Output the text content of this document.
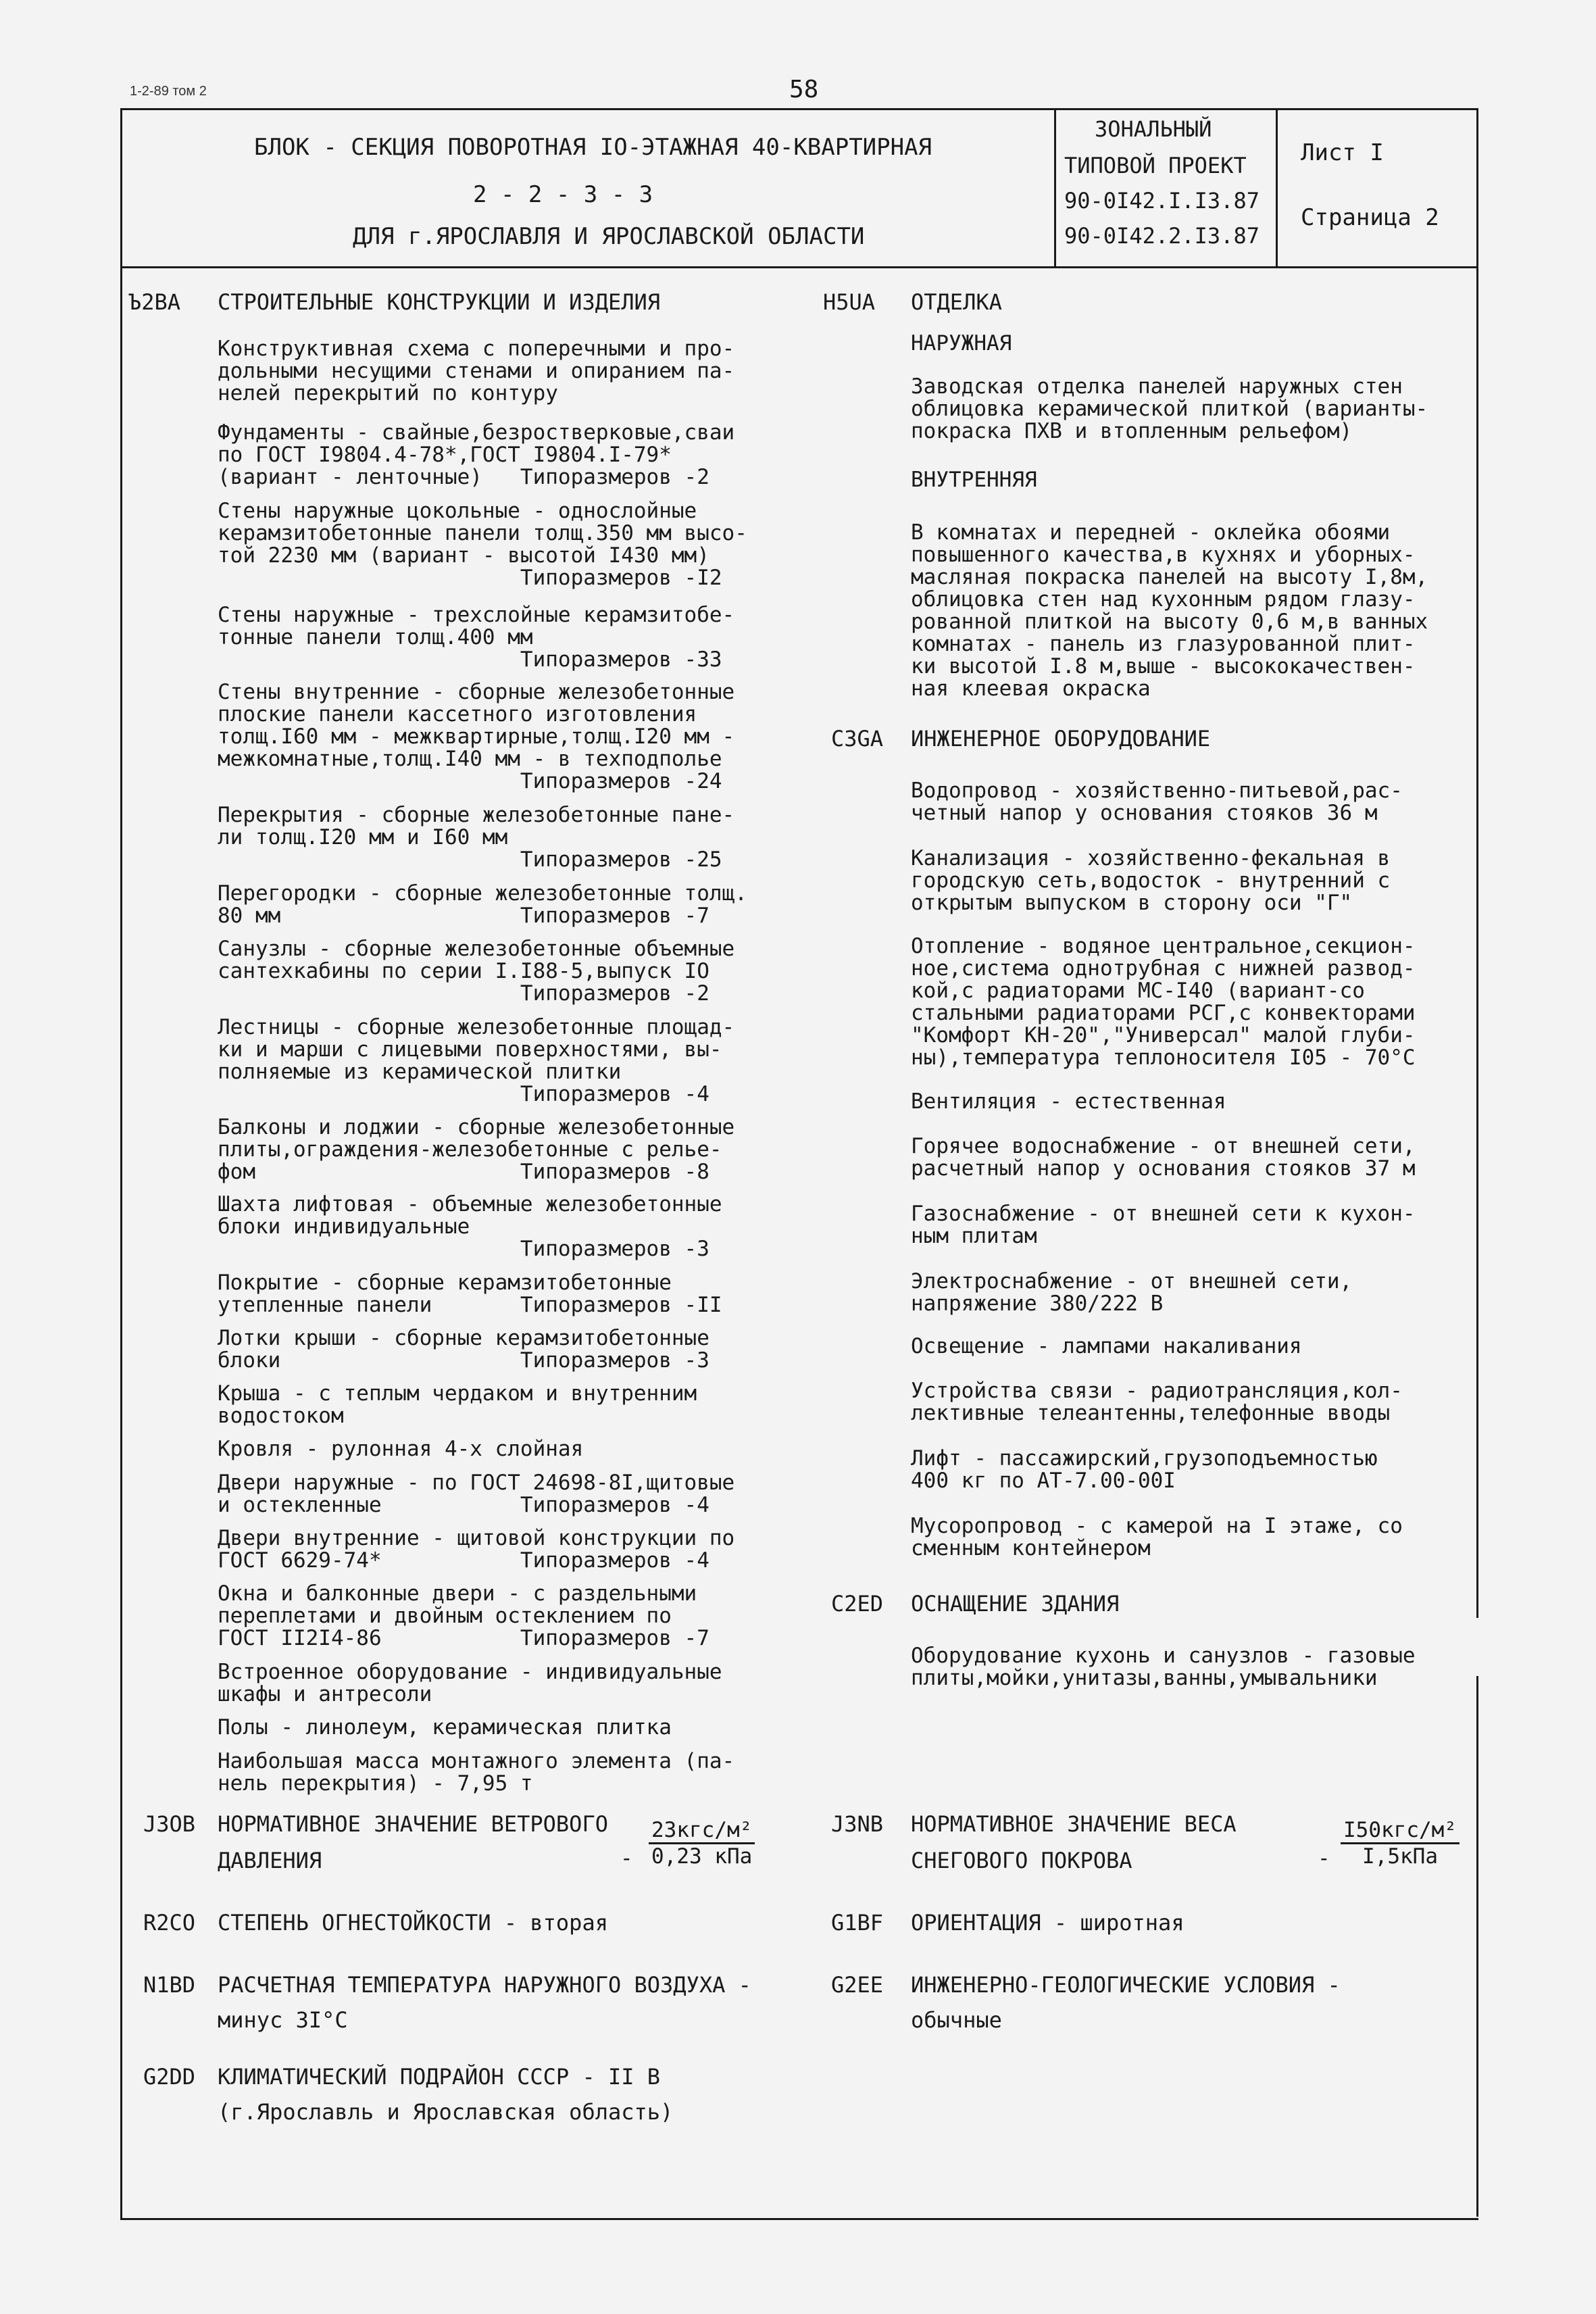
1-2-89 том 2	58
БЛОК - СЕКЦИЯ ПОВОРОТНАЯ IO-ЭТАЖНАЯ 40-КВАРТИРНАЯ
2 - 2 - 3 - 3
ДЛЯ г.ЯРОСЛАВЛЯ И ЯРОСЛАВСКОЙ ОБЛАСТИ
ЗОНАЛЬНЫЙ
ТИПОВОЙ ПРОЕКТ
90-0I42.I.I3.87
90-0I42.2.I3.87
Лист I
Страница 2
Ъ2ВА СТРОИТЕЛЬНЫЕ КОНСТРУКЦИИ И ИЗДЕЛИЯ
Конструктивная схема с поперечными и про-
дольными несущими стенами и опиранием па-
нелей перекрытий по контуру
Фундаменты - свайные,безростверковые,сваи
по ГОСТ I9804.4-78*,ГОСТ I9804.I-79*
(вариант - ленточные)   Типоразмеров -2
Стены наружные цокольные - однослойные
керамзитобетонные панели толщ.350 мм высо-
той 2230 мм (вариант - высотой I430 мм)
Типоразмеров -I2
Стены наружные - трехслойные керамзитобе-
тонные панели толщ.400 мм
Типоразмеров -33
Стены внутренние - сборные железобетонные
плоские панели кассетного изготовления
толщ.I60 мм - межквартирные,толщ.I20 мм -
межкомнатные,толщ.I40 мм - в техподполье
Типоразмеров -24
Перекрытия - сборные железобетонные пане-
ли толщ.I20 мм и I60 мм
Типоразмеров -25
Перегородки - сборные железобетонные толщ.
80 мм                   Типоразмеров -7
Санузлы - сборные железобетонные объемные
сантехкабины по серии I.I88-5,выпуск IO
Типоразмеров -2
Лестницы - сборные железобетонные площад-
ки и марши с лицевыми поверхностями, вы-
полняемые из керамической плитки
Типоразмеров -4
Балконы и лоджии - сборные железобетонные
плиты,ограждения-железобетонные с релье-
фом                     Типоразмеров -8
Шахта лифтовая - объемные железобетонные
блоки индивидуальные
Типоразмеров -3
Покрытие - сборные керамзитобетонные
утепленные панели       Типоразмеров -II
Лотки крыши - сборные керамзитобетонные
блоки                   Типоразмеров -3
Крыша - с теплым чердаком и внутренним
водостоком
Кровля - рулонная 4-х слойная
Двери наружные - по ГОСТ 24698-8I,щитовые
и остекленные           Типоразмеров -4
Двери внутренние - щитовой конструкции по
ГОСТ 6629-74*           Типоразмеров -4
Окна и балконные двери - с раздельными
переплетами и двойным остеклением по
ГОСТ II2I4-86           Типоразмеров -7
Встроенное оборудование - индивидуальные
шкафы и антресоли
Полы - линолеум, керамическая плитка
Наибольшая масса монтажного элемента (па-
нель перекрытия) - 7,95 т
Н5UА ОТДЕЛКА
НАРУЖНАЯ
Заводская отделка панелей наружных стен
облицовка керамической плиткой (варианты-
покраска ПХВ и втопленным рельефом)
ВНУТРЕННЯЯ
В комнатах и передней - оклейка обоями
повышенного качества,в кухнях и уборных-
масляная покраска панелей на высоту I,8м,
облицовка стен над кухонным рядом глазу-
рованной плиткой на высоту 0,6 м,в ванных
комнатах - панель из глазурованной плит-
ки высотой I.8 м,выше - высококачествен-
ная клеевая окраска
С3GА ИНЖЕНЕРНОЕ ОБОРУДОВАНИЕ
Водопровод - хозяйственно-питьевой,рас-
четный напор у основания стояков 36 м
Канализация - хозяйственно-фекальная в
городскую сеть,водосток - внутренний с
открытым выпуском в сторону оси "Г"
Отопление - водяное центральное,секцион-
ное,система однотрубная с нижней развод-
кой,с радиаторами МС-I40 (вариант-со
стальными радиаторами РСГ,с конвекторами
"Комфорт КН-20","Универсал" малой глуби-
ны),температура теплоносителя I05 - 70°С
Вентиляция - естественная
Горячее водоснабжение - от внешней сети,
расчетный напор у основания стояков 37 м
Газоснабжение - от внешней сети к кухон-
ным плитам
Электроснабжение - от внешней сети,
напряжение 380/222 В
Освещение - лампами накаливания
Устройства связи - радиотрансляция,кол-
лективные телеантенны,телефонные вводы
Лифт - пассажирский,грузоподъемностью
400 кг по АТ-7.00-00I
Мусоропровод - с камерой на I этаже, со
сменным контейнером
С2ЕD ОСНАЩЕНИЕ ЗДАНИЯ
Оборудование кухонь и санузлов - газовые
плиты,мойки,унитазы,ванны,умывальники
J3ОВ НОРМАТИВНОЕ ЗНАЧЕНИЕ ВЕТРОВОГО
ДАВЛЕНИЯ	-
23кгс/м²
0,23 кПа
J3NВ НОРМАТИВНОЕ ЗНАЧЕНИЕ ВЕСА
СНЕГОВОГО ПОКРОВА	-
I50кгс/м²
I,5кПа
R2СО СТЕПЕНЬ ОГНЕСТОЙКОСТИ - вторая	G1ВF ОРИЕНТАЦИЯ - широтная
N1ВD РАСЧЕТНАЯ ТЕМПЕРАТУРА НАРУЖНОГО ВОЗДУХА -
минус 3I°С
G2ЕЕ ИНЖЕНЕРНО-ГЕОЛОГИЧЕСКИЕ УСЛОВИЯ -
обычные
G2DD КЛИМАТИЧЕСКИЙ ПОДРАЙОН СССР - II В
(г.Ярославль и Ярославская область)
